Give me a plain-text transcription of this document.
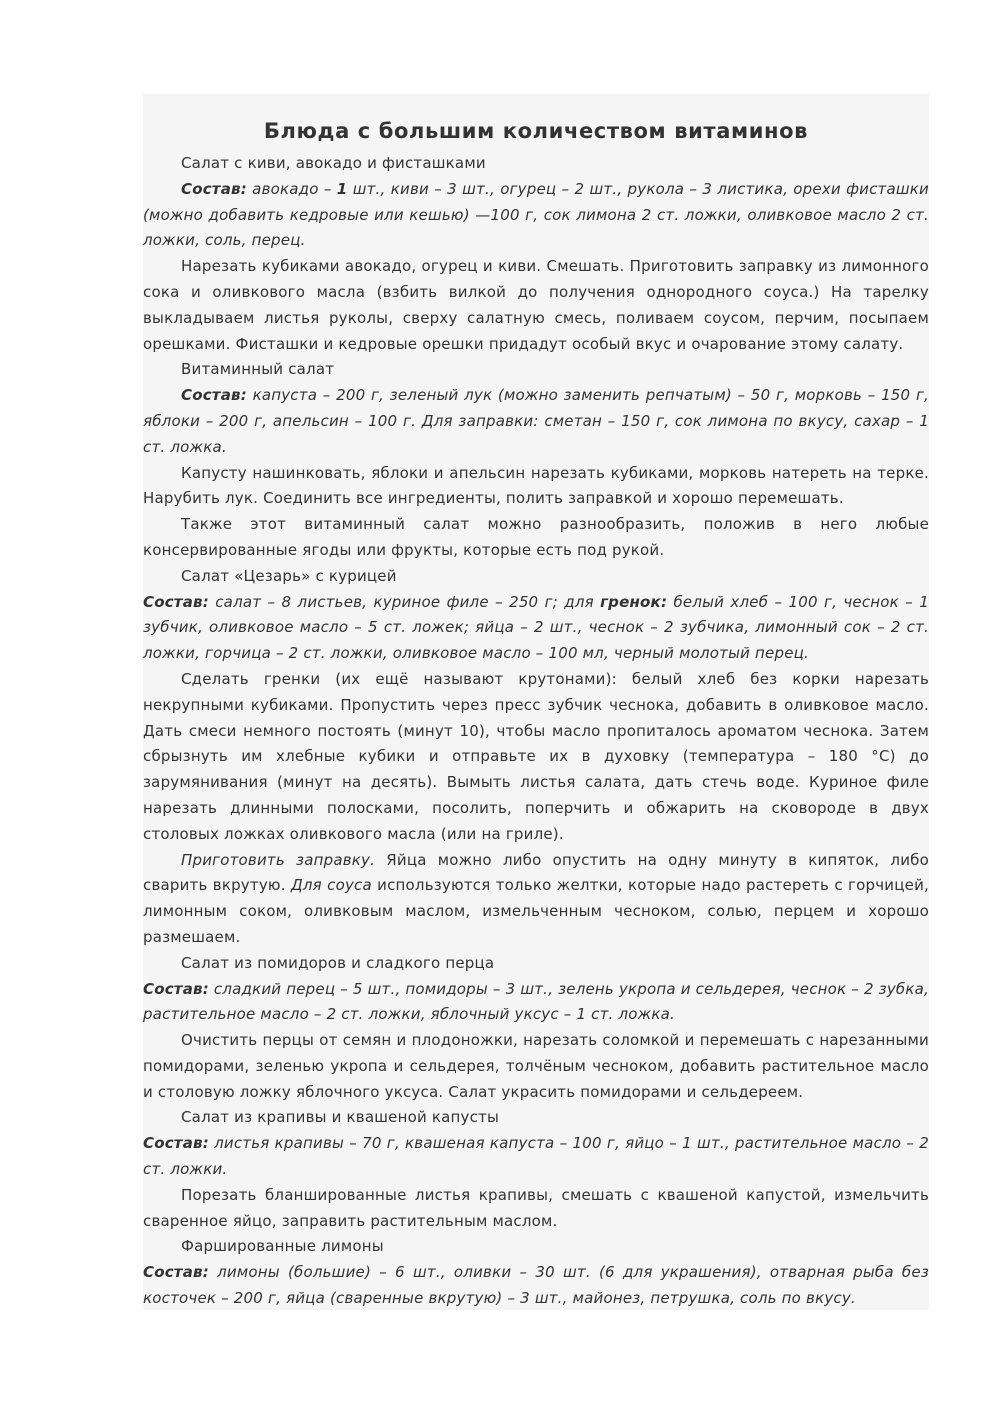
Блюда с большим количеством витаминов

Салат с киви, авокадо и фисташками

Состав: авокадо – 1 шт., киви – 3 шт., огурец – 2 шт., рукола – 3 листика, орехи фисташки (можно добавить кедровые или кешью) —100 г, сок лимона 2 ст. ложки, оливковое масло 2 ст. ложки, соль, перец.

Нарезать кубиками авокадо, огурец и киви. Смешать. Приготовить заправку из лимонного сока и оливкового масла (взбить вилкой до получения однородного соуса.) На тарелку выкладываем листья руколы, сверху салатную смесь, поливаем соусом, перчим, посыпаем орешками. Фисташки и кедровые орешки придадут особый вкус и очарование этому салату.

Витаминный салат

Состав: капуста – 200 г, зеленый лук (можно заменить репчатым) – 50 г, морковь – 150 г, яблоки – 200 г, апельсин – 100 г. Для заправки: сметан – 150 г, сок лимона по вкусу, сахар – 1 ст. ложка.

Капусту нашинковать, яблоки и апельсин нарезать кубиками, морковь натереть на терке. Нарубить лук. Соединить все ингредиенты, полить заправкой и хорошо перемешать.

Также этот витаминный салат можно разнообразить, положив в него любые консервированные ягоды или фрукты, которые есть под рукой.

Салат «Цезарь» с курицей

Состав: салат – 8 листьев, куриное филе – 250 г; для гренок: белый хлеб – 100 г, чеснок – 1 зубчик, оливковое масло – 5 ст. ложек; яйца – 2 шт., чеснок – 2 зубчика, лимонный сок – 2 ст. ложки, горчица – 2 ст. ложки, оливковое масло – 100 мл, черный молотый перец.

Сделать гренки (их ещё называют крутонами): белый хлеб без корки нарезать некрупными кубиками. Пропустить через пресс зубчик чеснока, добавить в оливковое масло. Дать смеси немного постоять (минут 10), чтобы масло пропиталось ароматом чеснока. Затем сбрызнуть им хлебные кубики и отправьте их в духовку (температура – 180 °С) до зарумянивания (минут на десять). Вымыть листья салата, дать стечь воде. Куриное филе нарезать длинными полосками, посолить, поперчить и обжарить на сковороде в двух столовых ложках оливкового масла (или на гриле).

Приготовить заправку. Яйца можно либо опустить на одну минуту в кипяток, либо сварить вкрутую. Для соуса используются только желтки, которые надо растереть с горчицей, лимонным соком, оливковым маслом, измельченным чесноком, солью, перцем и хорошо размешаем.

Салат из помидоров и сладкого перца

Состав: сладкий перец – 5 шт., помидоры – 3 шт., зелень укропа и сельдерея, чеснок – 2 зубка, растительное масло – 2 ст. ложки, яблочный уксус – 1 ст. ложка.

Очистить перцы от семян и плодоножки, нарезать соломкой и перемешать с нарезанными помидорами, зеленью укропа и сельдерея, толчёным чесноком, добавить растительное масло и столовую ложку яблочного уксуса. Салат украсить помидорами и сельдереем.

Салат из крапивы и квашеной капусты

Состав: листья крапивы – 70 г, квашеная капуста – 100 г, яйцо – 1 шт., растительное масло – 2 ст. ложки.

Порезать бланшированные листья крапивы, смешать с квашеной капустой, измельчить сваренное яйцо, заправить растительным маслом.

Фаршированные лимоны

Состав: лимоны (большие) – 6 шт., оливки – 30 шт. (6 для украшения), отварная рыба без косточек – 200 г, яйца (сваренные вкрутую) – 3 шт., майонез, петрушка, соль по вкусу.
